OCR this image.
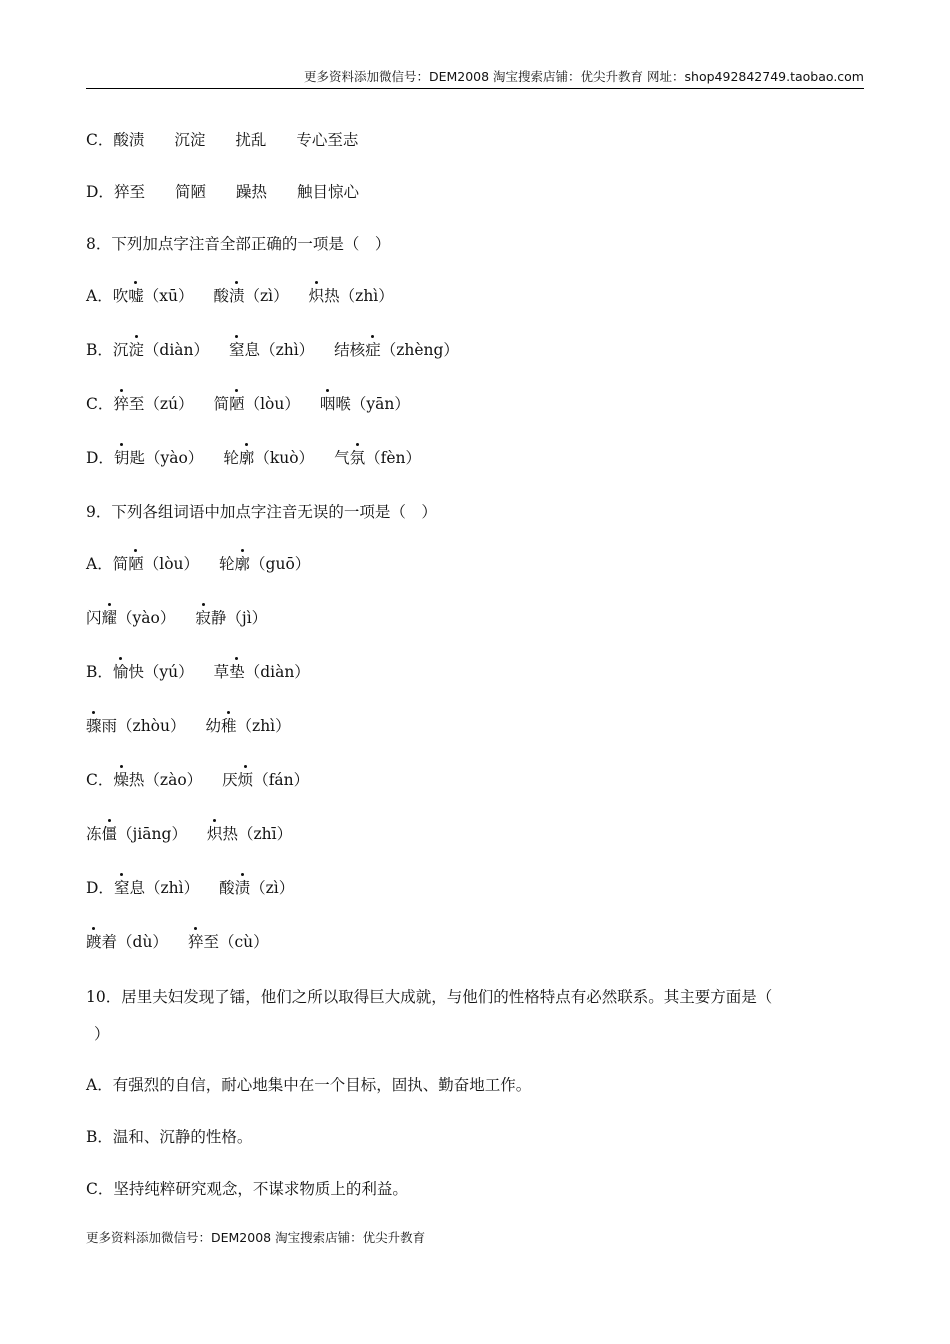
更多资料添加微信号：DEM2008 淘宝搜索店铺：优尖升教育 网址：shop492842749.taobao.com
C．酸渍 沉淀 扰乱 专心至志
D．猝至 简陋 躁热 触目惊心
8．下列加点字注音全部正确的一项是（　）
A．吹嘘（xū） 酸渍（zì） 炽热（zhì）
B．沉淀（diàn） 窒息（zhì） 结核症（zhèng）
C．猝至（zú） 简陋（lòu） 咽喉（yān）
D．钥匙（yào） 轮廓（kuò） 气氛（fèn）
9．下列各组词语中加点字注音无误的一项是（　）
A．简陋（lòu） 轮廓（guō）
闪耀（yào） 寂静（jì）
B．愉快（yú） 草垫（diàn）
骤雨（zhòu） 幼稚（zhì）
C．燥热（zào） 厌烦（fán）
冻僵（jiāng） 炽热（zhī）
D．窒息（zhì） 酸渍（zì）
踱着（dù） 猝至（cù）
10．居里夫妇发现了镭，他们之所以取得巨大成就，与他们的性格特点有必然联系。其主要方面是（
）
A．有强烈的自信，耐心地集中在一个目标，固执、勤奋地工作。
B．温和、沉静的性格。
C．坚持纯粹研究观念，不谋求物质上的利益。
更多资料添加微信号：DEM2008 淘宝搜索店铺：优尖升教育
